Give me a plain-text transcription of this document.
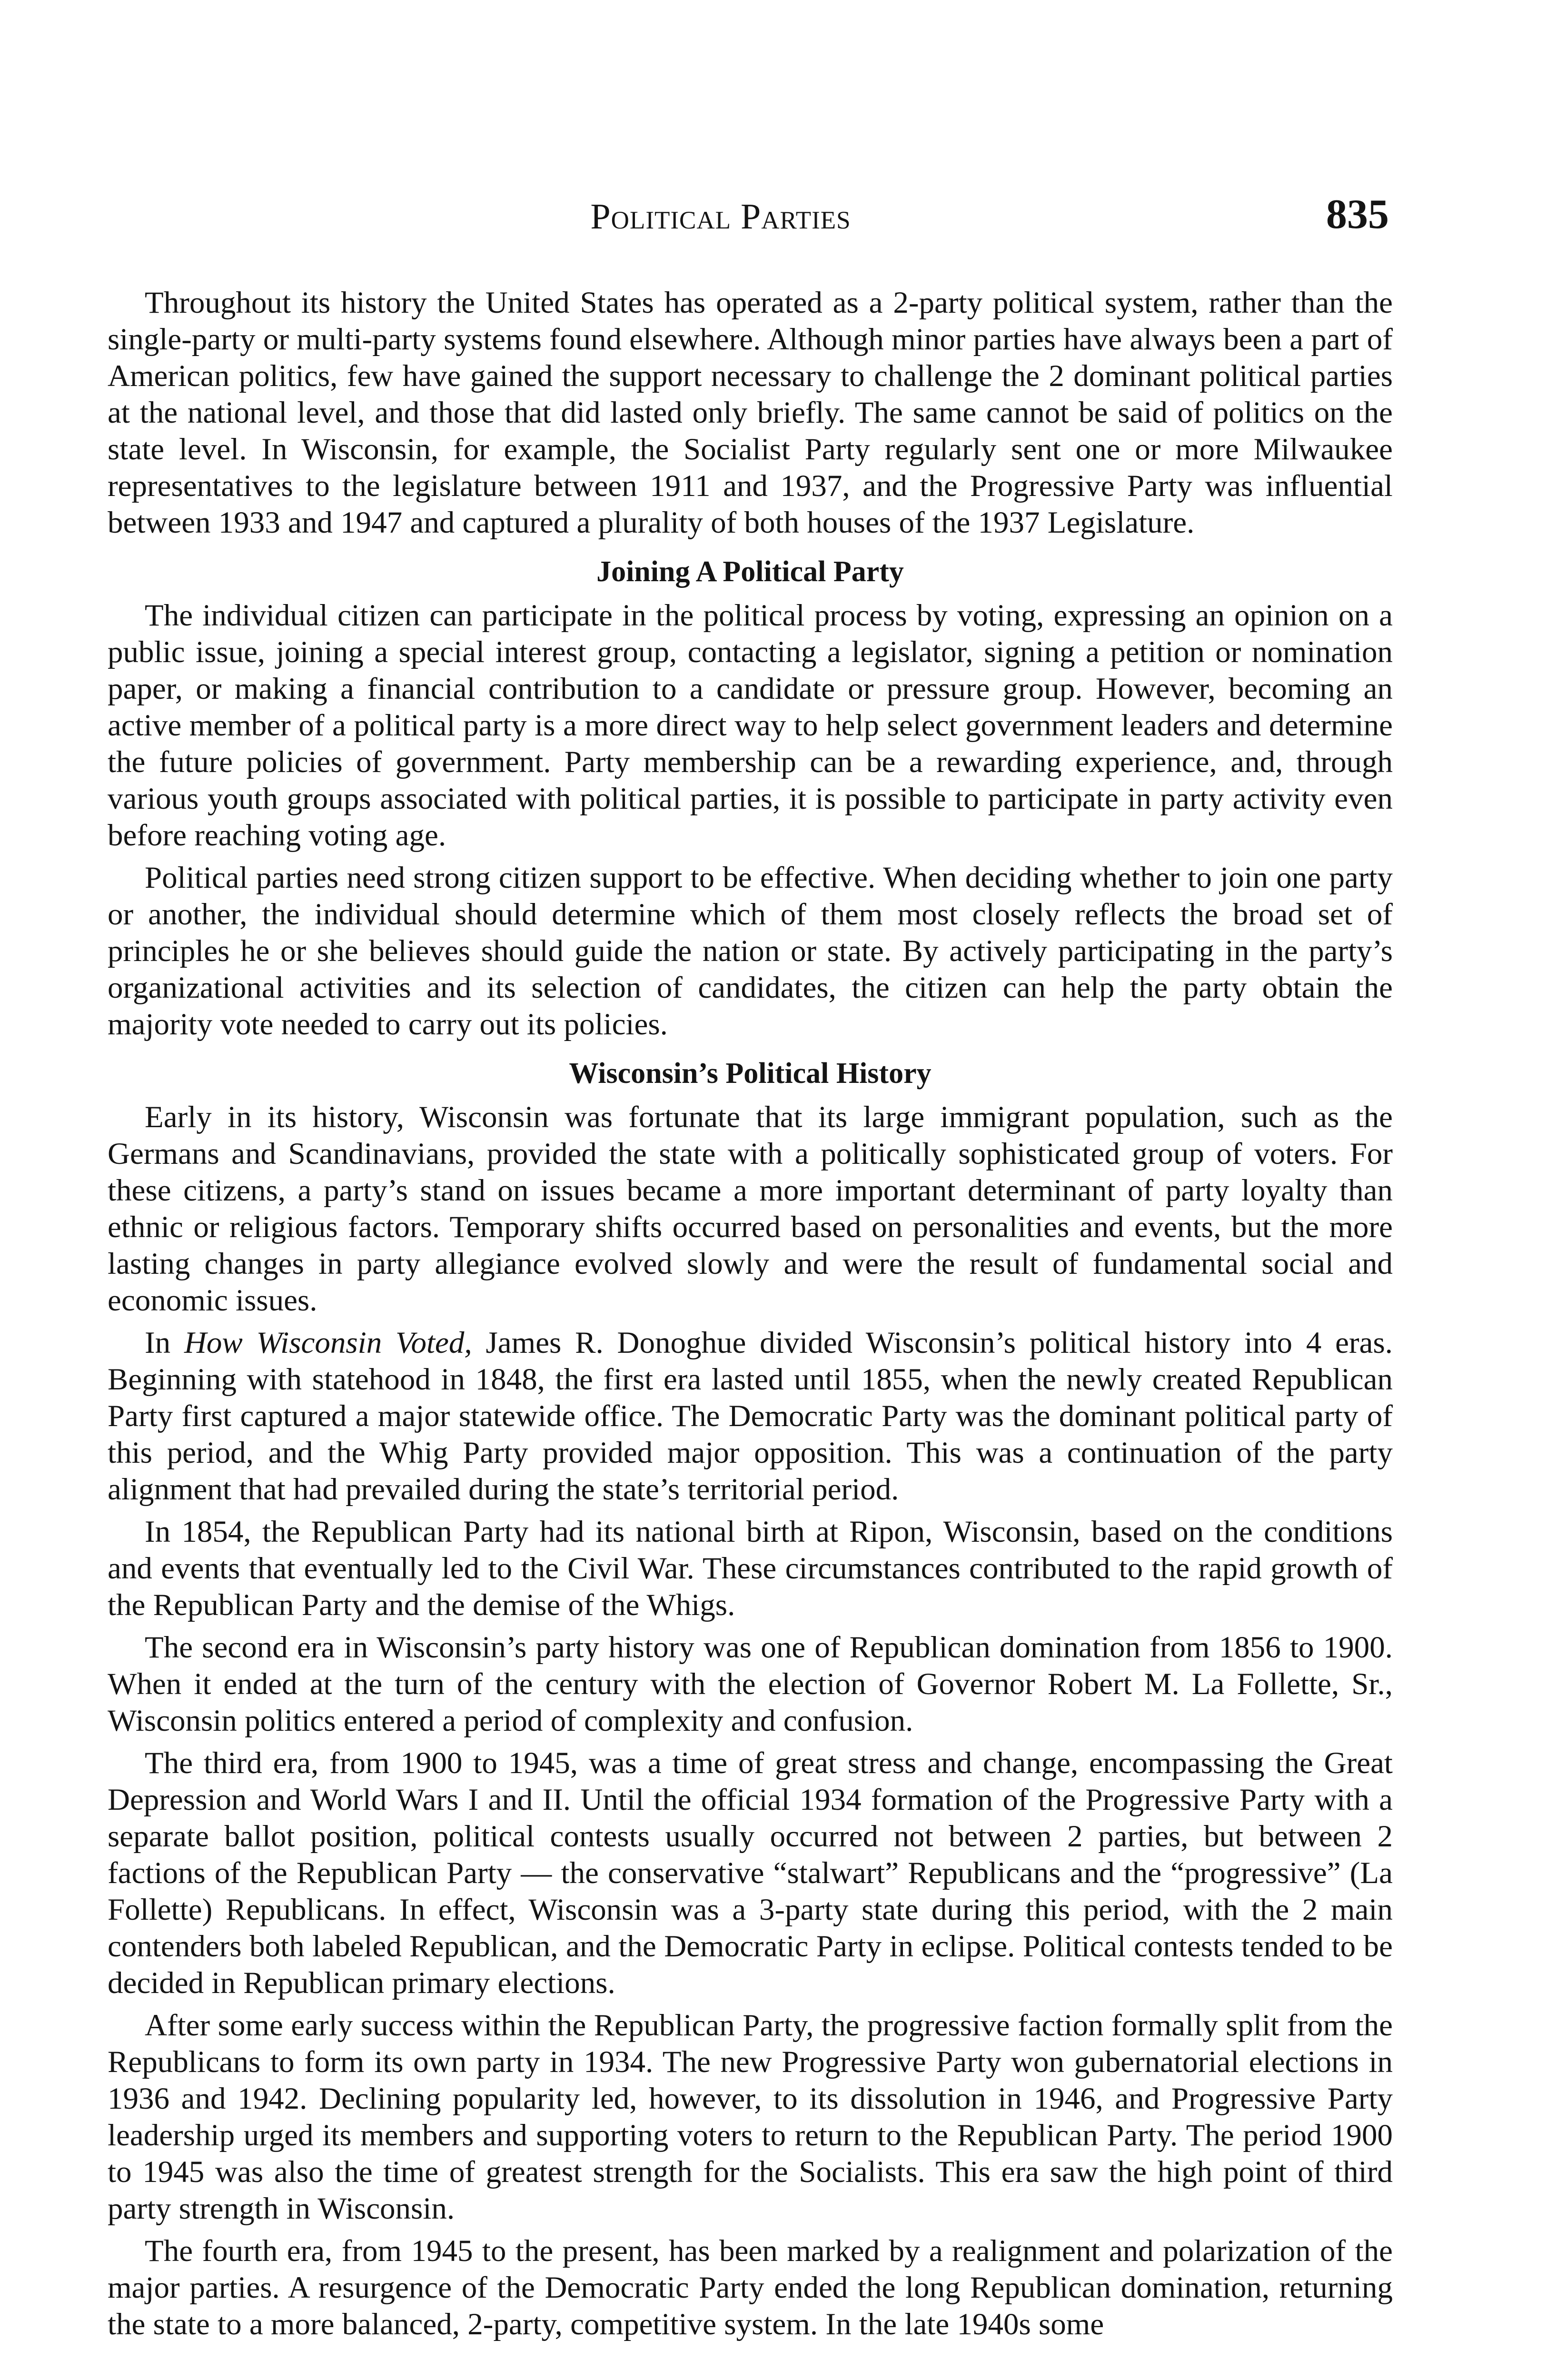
Political Parties	835

Throughout its history the United States has operated as a 2-party political system, rather than the single-party or multi-party systems found elsewhere. Although minor parties have always been a part of American politics, few have gained the support necessary to challenge the 2 dominant political parties at the national level, and those that did lasted only briefly. The same cannot be said of politics on the state level. In Wisconsin, for example, the Socialist Party regularly sent one or more Milwaukee representatives to the legislature between 1911 and 1937, and the Progressive Party was influential between 1933 and 1947 and captured a plurality of both houses of the 1937 Legislature.

Joining A Political Party

The individual citizen can participate in the political process by voting, expressing an opinion on a public issue, joining a special interest group, contacting a legislator, signing a petition or nomination paper, or making a financial contribution to a candidate or pressure group. However, becoming an active member of a political party is a more direct way to help select government leaders and determine the future policies of government. Party membership can be a rewarding experience, and, through various youth groups associated with political parties, it is possible to participate in party activity even before reaching voting age.

Political parties need strong citizen support to be effective. When deciding whether to join one party or another, the individual should determine which of them most closely reflects the broad set of principles he or she believes should guide the nation or state. By actively participating in the party’s organizational activities and its selection of candidates, the citizen can help the party obtain the majority vote needed to carry out its policies.

Wisconsin’s Political History

Early in its history, Wisconsin was fortunate that its large immigrant population, such as the Germans and Scandinavians, provided the state with a politically sophisticated group of voters. For these citizens, a party’s stand on issues became a more important determinant of party loyalty than ethnic or religious factors. Temporary shifts occurred based on personalities and events, but the more lasting changes in party allegiance evolved slowly and were the result of fundamental social and economic issues.

In How Wisconsin Voted, James R. Donoghue divided Wisconsin’s political history into 4 eras. Beginning with statehood in 1848, the first era lasted until 1855, when the newly created Republican Party first captured a major statewide office. The Democratic Party was the dominant political party of this period, and the Whig Party provided major opposition. This was a continuation of the party alignment that had prevailed during the state’s territorial period.

In 1854, the Republican Party had its national birth at Ripon, Wisconsin, based on the conditions and events that eventually led to the Civil War. These circumstances contributed to the rapid growth of the Republican Party and the demise of the Whigs.

The second era in Wisconsin’s party history was one of Republican domination from 1856 to 1900. When it ended at the turn of the century with the election of Governor Robert M. La Follette, Sr., Wisconsin politics entered a period of complexity and confusion.

The third era, from 1900 to 1945, was a time of great stress and change, encompassing the Great Depression and World Wars I and II. Until the official 1934 formation of the Progressive Party with a separate ballot position, political contests usually occurred not between 2 parties, but between 2 factions of the Republican Party — the conservative “stalwart” Republicans and the “progressive” (La Follette) Republicans. In effect, Wisconsin was a 3-party state during this period, with the 2 main contenders both labeled Republican, and the Democratic Party in eclipse. Political contests tended to be decided in Republican primary elections.

After some early success within the Republican Party, the progressive faction formally split from the Republicans to form its own party in 1934. The new Progressive Party won gubernatorial elections in 1936 and 1942. Declining popularity led, however, to its dissolution in 1946, and Progressive Party leadership urged its members and supporting voters to return to the Republican Party. The period 1900 to 1945 was also the time of greatest strength for the Socialists. This era saw the high point of third party strength in Wisconsin.

The fourth era, from 1945 to the present, has been marked by a realignment and polarization of the major parties. A resurgence of the Democratic Party ended the long Republican domination, returning the state to a more balanced, 2-party, competitive system. In the late 1940s some
